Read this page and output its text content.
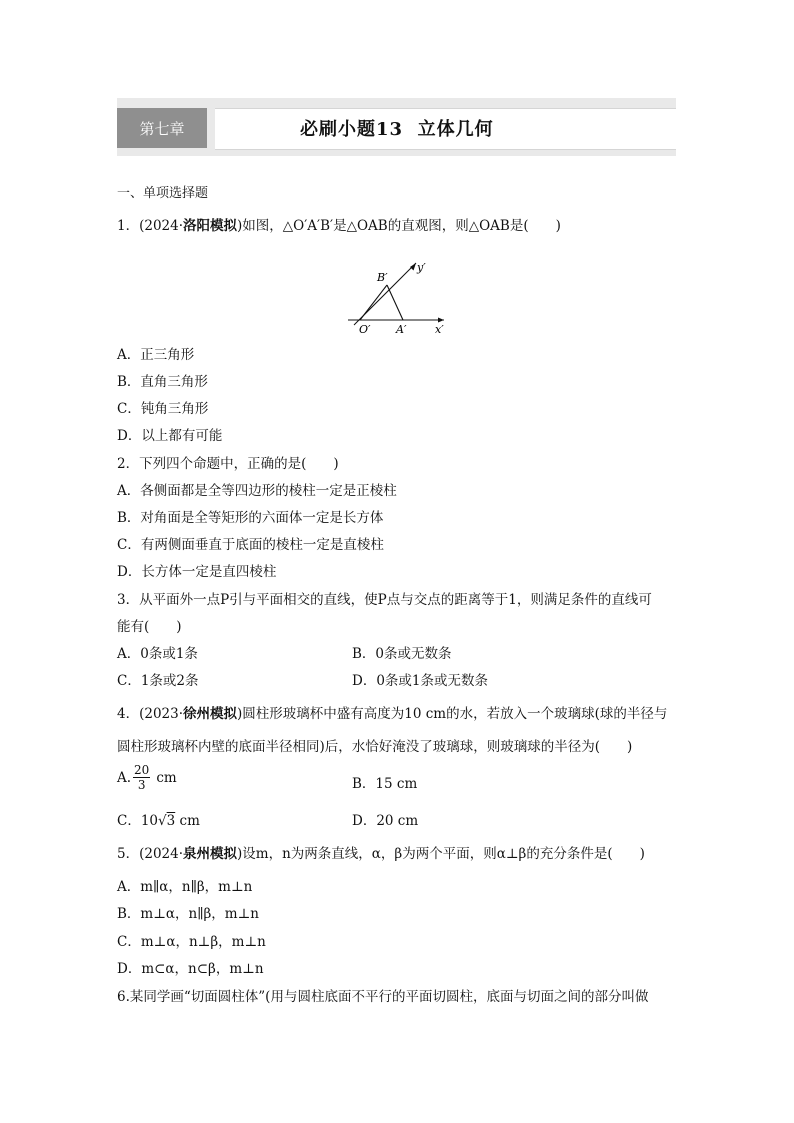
第七章	必刷小题13  立体几何
一、单项选择题
1．(2024·洛阳模拟)如图，△O′A′B′是△OAB的直观图，则△OAB是(　　)
B′
y′
O′ A′	x′
A．正三角形
B．直角三角形
C．钝角三角形
D．以上都有可能
2．下列四个命题中，正确的是(　　)
A．各侧面都是全等四边形的棱柱一定是正棱柱
B．对角面是全等矩形的六面体一定是长方体
C．有两侧面垂直于底面的棱柱一定是直棱柱
D．长方体一定是直四棱柱
3．从平面外一点P引与平面相交的直线，使P点与交点的距离等于1，则满足条件的直线可
能有(　　)
A．0条或1条	B．0条或无数条
C．1条或2条	D．0条或1条或无数条
4．(2023·徐州模拟)圆柱形玻璃杯中盛有高度为10 cm的水，若放入一个玻璃球(球的半径与
圆柱形玻璃杯内壁的底面半径相同)后，水恰好淹没了玻璃球，则玻璃球的半径为(　　)
A. 20
3 cm	B．15 cm
C．10√3 cm	D．20 cm
5．(2024·泉州模拟)设m，n为两条直线，α，β为两个平面，则α⊥β的充分条件是(　　)
A．m∥α，n∥β，m⊥n
B．m⊥α，n∥β，m⊥n
C．m⊥α，n⊥β，m⊥n
D．m⊂α，n⊂β，m⊥n
6.某同学画“切面圆柱体”(用与圆柱底面不平行的平面切圆柱，底面与切面之间的部分叫做
